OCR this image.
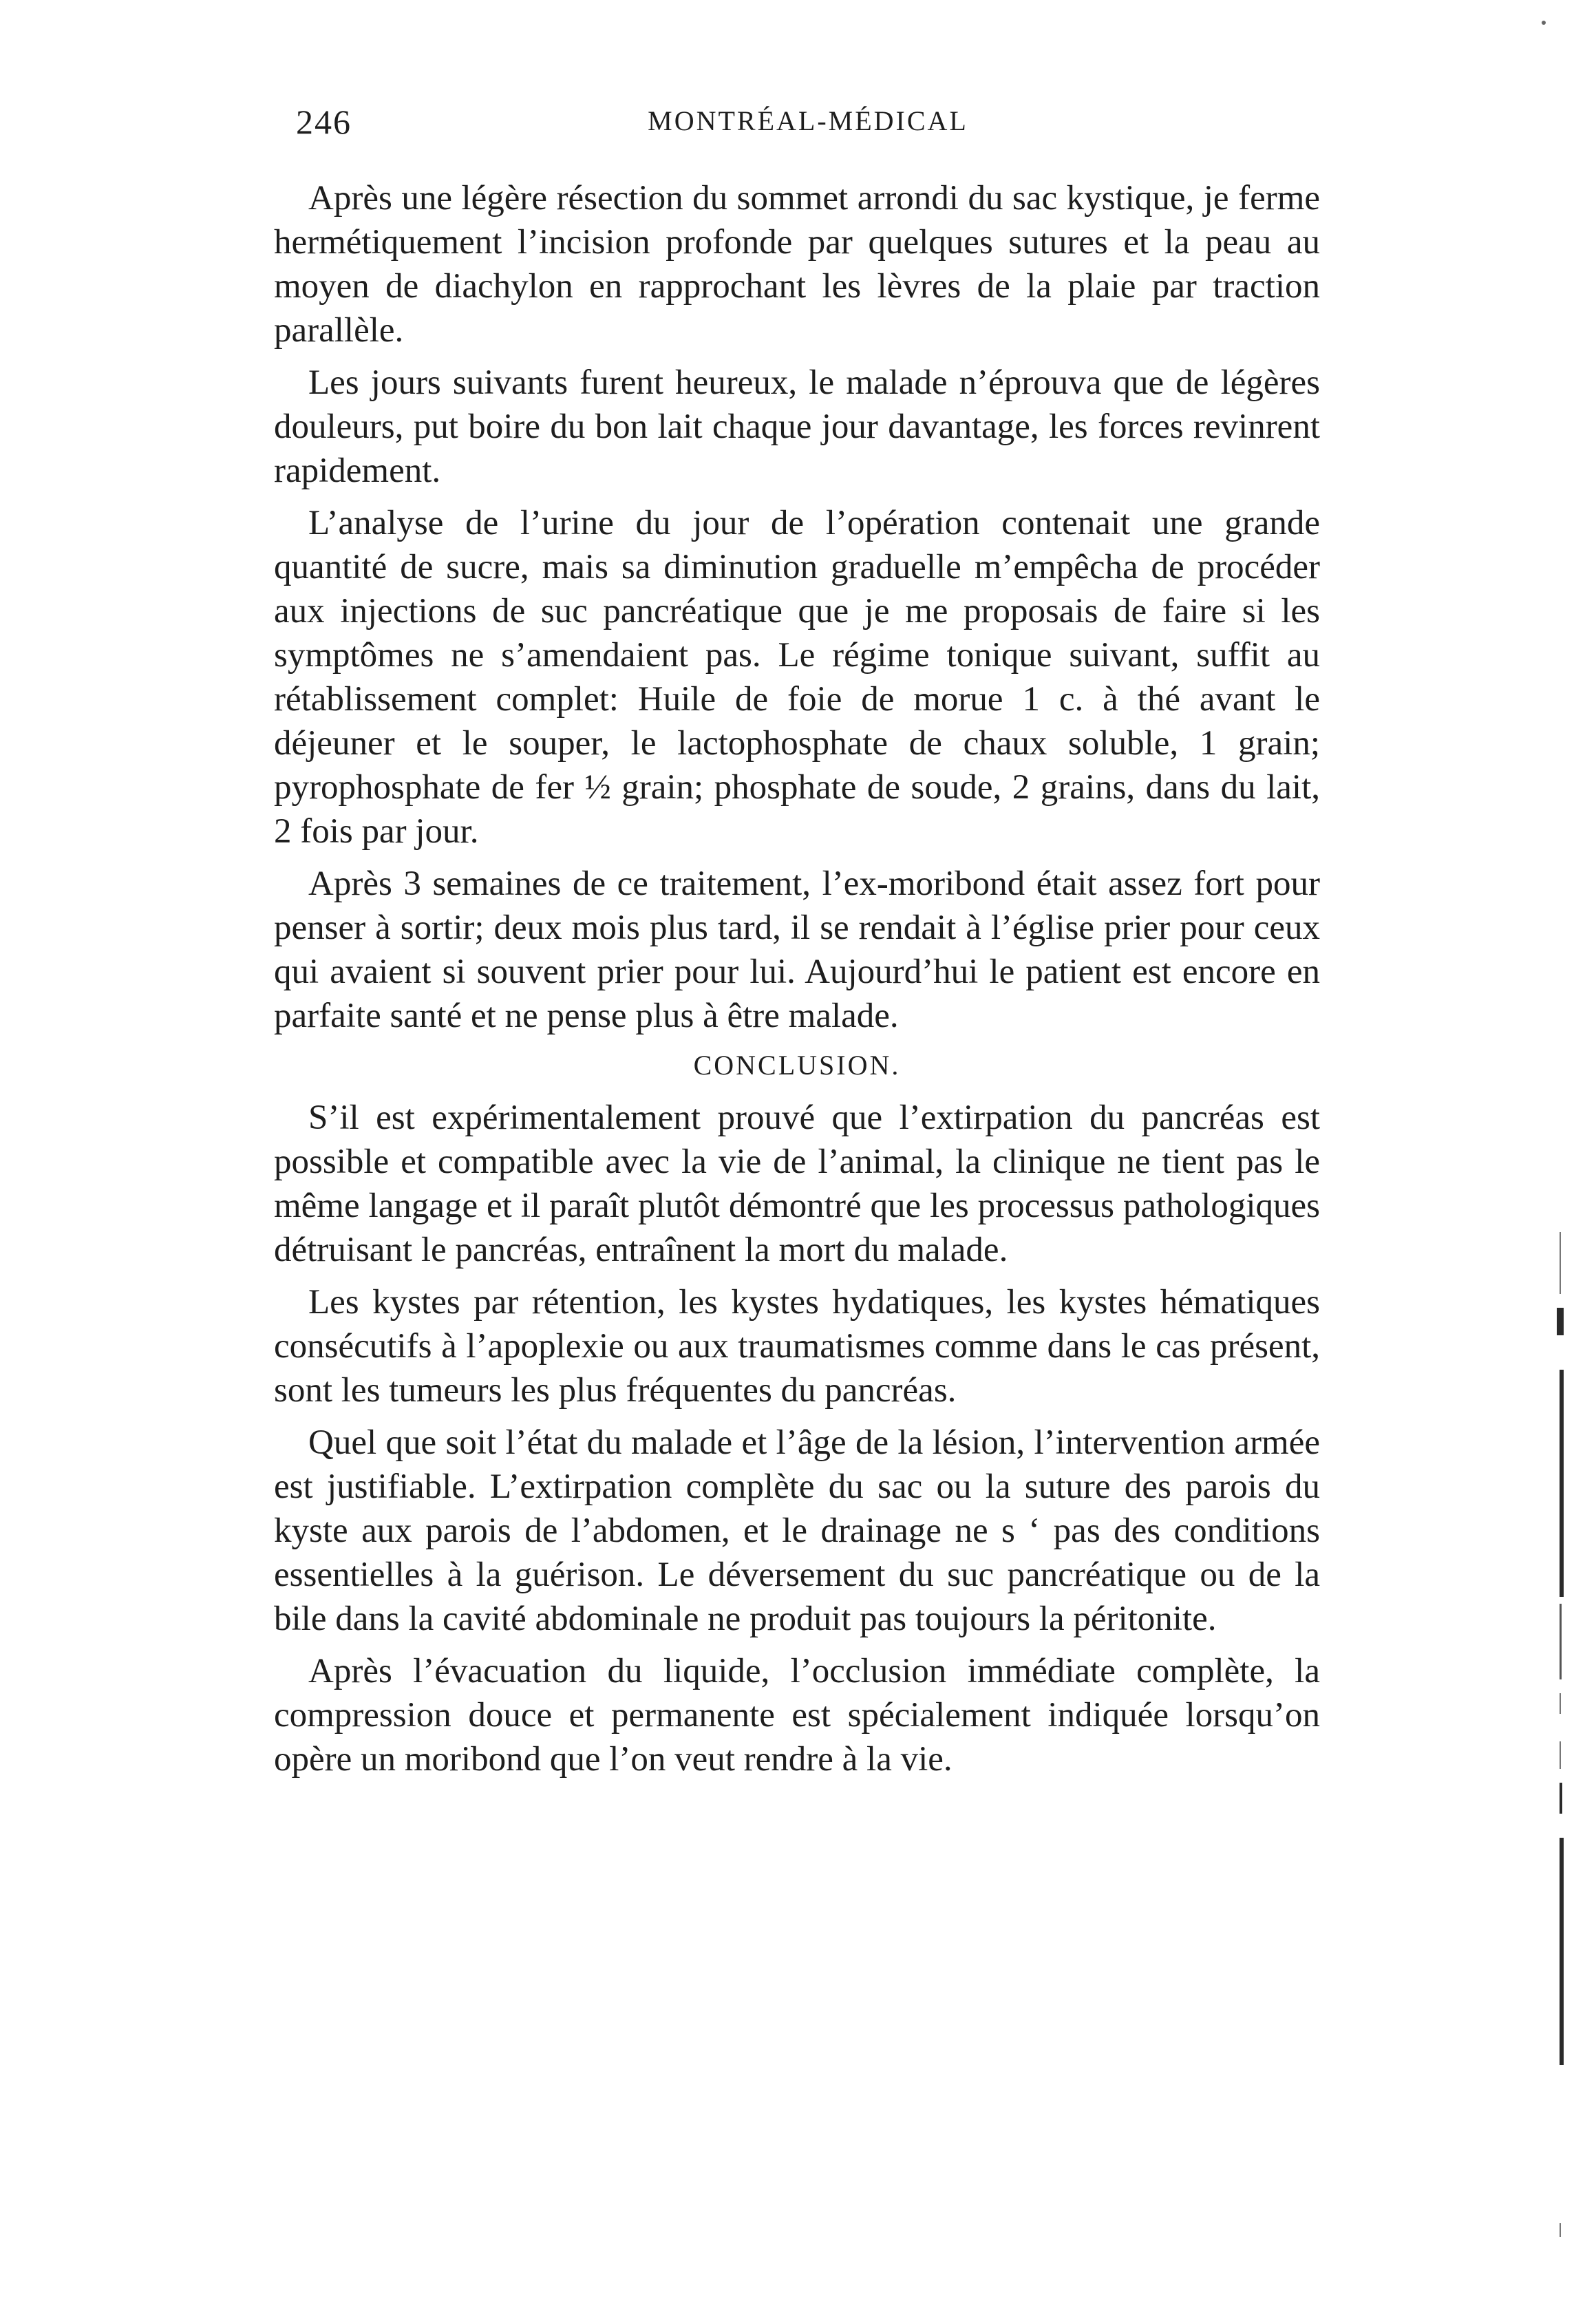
246	MONTRÉAL-MÉDICAL

Après une légère résection du sommet arrondi du sac kystique, je ferme hermétiquement l’incision profonde par quelques sutures et la peau au moyen de diachylon en rapprochant les lèvres de la plaie par traction parallèle.

Les jours suivants furent heureux, le malade n’éprouva que de légères douleurs, put boire du bon lait chaque jour davantage, les forces revinrent rapidement.

L’analyse de l’urine du jour de l’opération contenait une grande quantité de sucre, mais sa diminution graduelle m’empêcha de procéder aux injections de suc pancréatique que je me proposais de faire si les symptômes ne s’amendaient pas. Le régime tonique suivant, suffit au rétablissement complet: Huile de foie de morue 1 c. à thé avant le déjeuner et le souper, le lactophosphate de chaux soluble, 1 grain; pyrophosphate de fer ½ grain; phosphate de soude, 2 grains, dans du lait, 2 fois par jour.

Après 3 semaines de ce traitement, l’ex-moribond était assez fort pour penser à sortir; deux mois plus tard, il se rendait à l’église prier pour ceux qui avaient si souvent prier pour lui. Aujourd’hui le patient est encore en parfaite santé et ne pense plus à être malade.

CONCLUSION.

S’il est expérimentalement prouvé que l’extirpation du pancréas est possible et compatible avec la vie de l’animal, la clinique ne tient pas le même langage et il paraît plutôt démontré que les processus pathologiques détruisant le pancréas, entraînent la mort du malade.

Les kystes par rétention, les kystes hydatiques, les kystes hématiques consécutifs à l’apoplexie ou aux traumatismes comme dans le cas présent, sont les tumeurs les plus fréquentes du pancréas.

Quel que soit l’état du malade et l’âge de la lésion, l’intervention armée est justifiable. L’extirpation complète du sac ou la suture des parois du kyste aux parois de l’abdomen, et le drainage ne s ‘ pas des conditions essentielles à la guérison. Le déversement du suc pancréatique ou de la bile dans la cavité abdominale ne produit pas toujours la péritonite.

Après l’évacuation du liquide, l’occlusion immédiate complète, la compression douce et permanente est spécialement indiquée lorsqu’on opère un moribond que l’on veut rendre à la vie.
